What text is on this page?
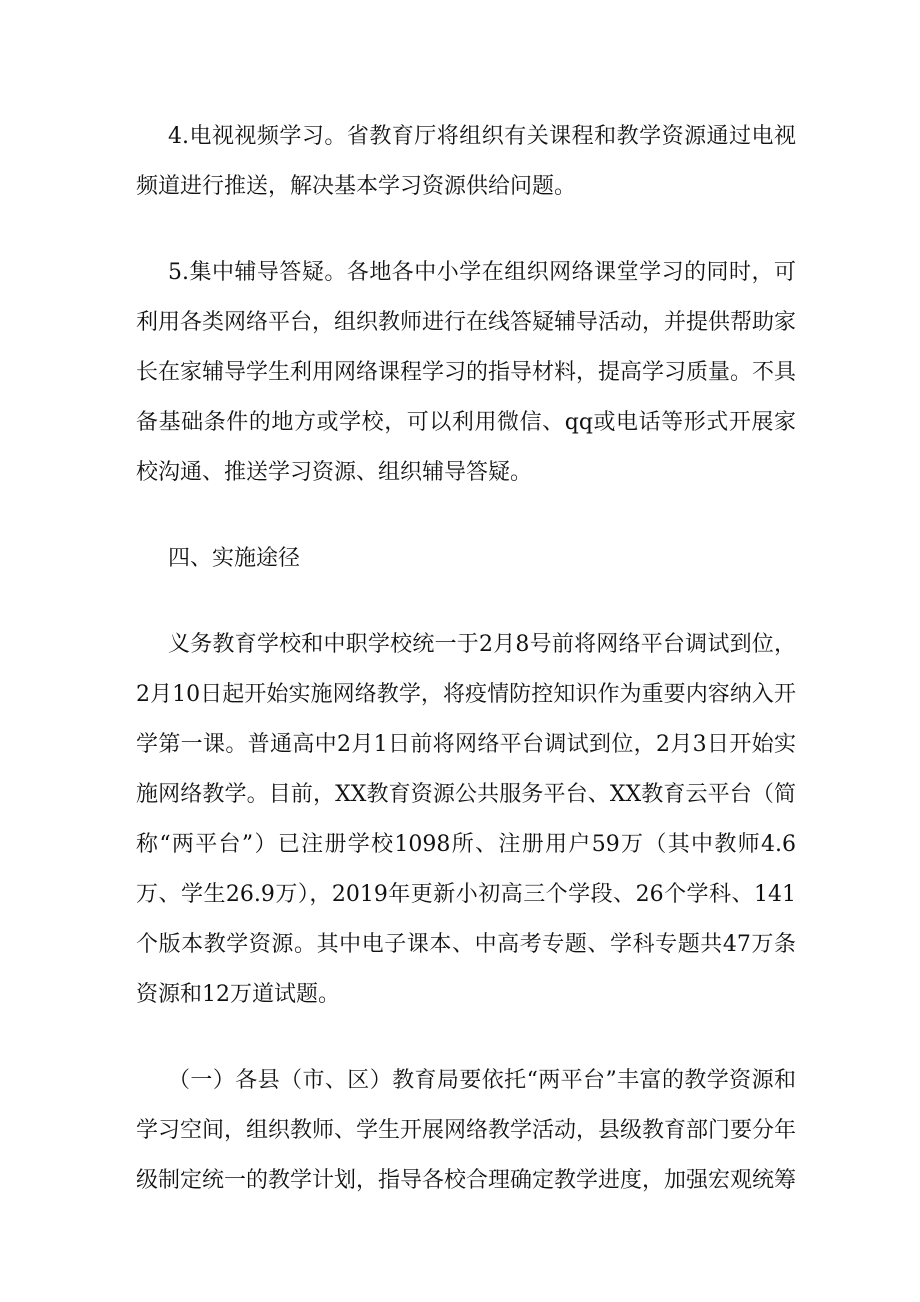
4.电视视频学习。省教育厅将组织有关课程和教学资源通过电视频道进行推送，解决基本学习资源供给问题。

5.集中辅导答疑。各地各中小学在组织网络课堂学习的同时，可利用各类网络平台，组织教师进行在线答疑辅导活动，并提供帮助家长在家辅导学生利用网络课程学习的指导材料，提高学习质量。不具备基础条件的地方或学校，可以利用微信、qq或电话等形式开展家校沟通、推送学习资源、组织辅导答疑。

四、实施途径

义务教育学校和中职学校统一于2月8号前将网络平台调试到位，2月10日起开始实施网络教学，将疫情防控知识作为重要内容纳入开学第一课。普通高中2月1日前将网络平台调试到位，2月3日开始实施网络教学。目前，XX教育资源公共服务平台、XX教育云平台（简称“两平台”）已注册学校1098所、注册用户59万（其中教师4.6万、学生26.9万），2019年更新小初高三个学段、26个学科、141个版本教学资源。其中电子课本、中高考专题、学科专题共47万条资源和12万道试题。

（一）各县（市、区）教育局要依托“两平台”丰富的教学资源和学习空间，组织教师、学生开展网络教学活动，县级教育部门要分年级制定统一的教学计划，指导各校合理确定教学进度，加强宏观统筹
